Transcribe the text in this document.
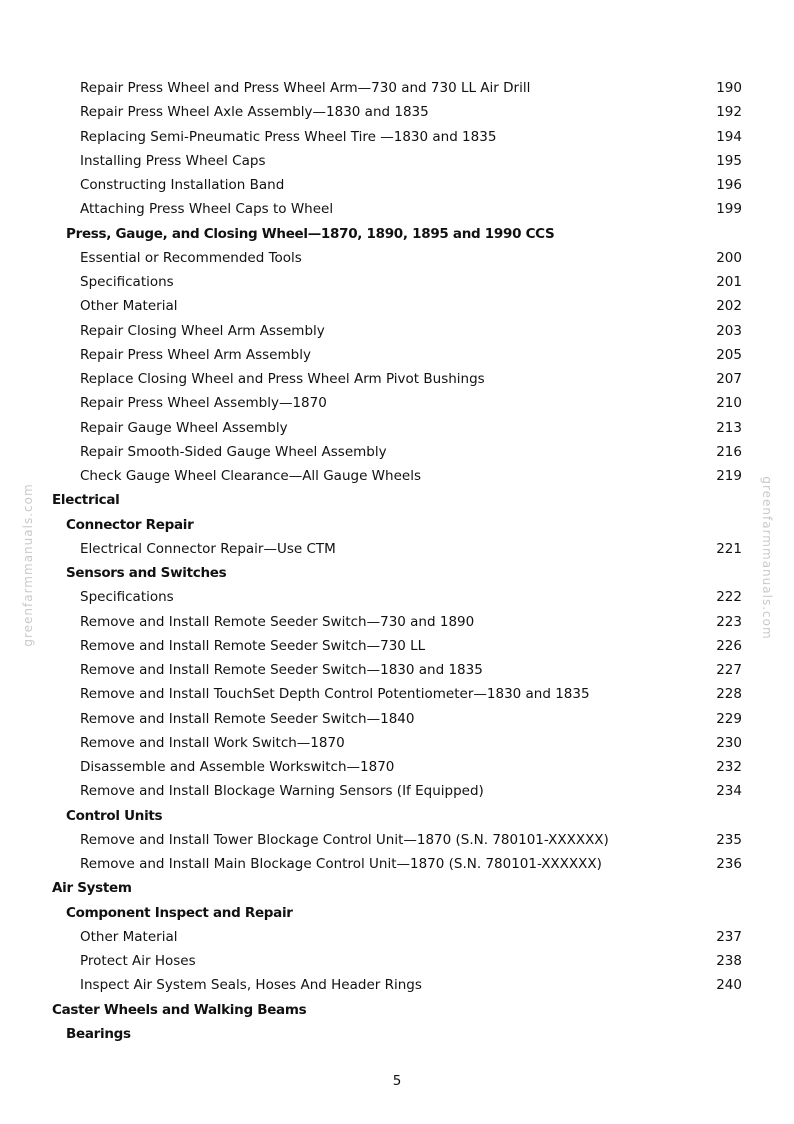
greenfarmmanuals.com	greenfarmmanuals.com
Repair Press Wheel and Press Wheel Arm—730 and 730 LL Air Drill	190
Repair Press Wheel Axle Assembly—1830 and 1835	192
Replacing Semi-Pneumatic Press Wheel Tire —1830 and 1835	194
Installing Press Wheel Caps	195
Constructing Installation Band	196
Attaching Press Wheel Caps to Wheel	199
Press, Gauge, and Closing Wheel—1870, 1890, 1895 and 1990 CCS
Essential or Recommended Tools	200
Specifications	201
Other Material	202
Repair Closing Wheel Arm Assembly	203
Repair Press Wheel Arm Assembly	205
Replace Closing Wheel and Press Wheel Arm Pivot Bushings	207
Repair Press Wheel Assembly—1870	210
Repair Gauge Wheel Assembly	213
Repair Smooth-Sided Gauge Wheel Assembly	216
Check Gauge Wheel Clearance—All Gauge Wheels	219
Electrical
Connector Repair
Electrical Connector Repair—Use CTM	221
Sensors and Switches
Specifications	222
Remove and Install Remote Seeder Switch—730 and 1890	223
Remove and Install Remote Seeder Switch—730 LL	226
Remove and Install Remote Seeder Switch—1830 and 1835	227
Remove and Install TouchSet Depth Control Potentiometer—1830 and 1835	228
Remove and Install Remote Seeder Switch—1840	229
Remove and Install Work Switch—1870	230
Disassemble and Assemble Workswitch—1870	232
Remove and Install Blockage Warning Sensors (If Equipped)	234
Control Units
Remove and Install Tower Blockage Control Unit—1870 (S.N. 780101-XXXXXX)	235
Remove and Install Main Blockage Control Unit—1870 (S.N. 780101-XXXXXX)	236
Air System
Component Inspect and Repair
Other Material	237
Protect Air Hoses	238
Inspect Air System Seals, Hoses And Header Rings	240
Caster Wheels and Walking Beams
Bearings
5
